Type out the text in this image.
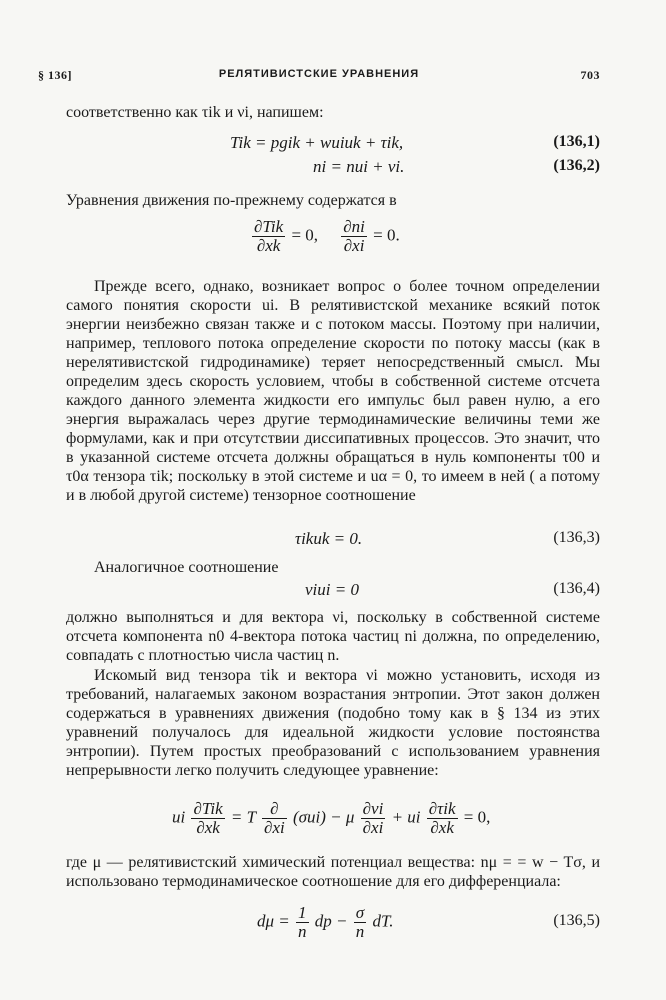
§ 136]	РЕЛЯТИВИСТСКИЕ УРАВНЕНИЯ	703
соответственно как τik и νi, напишем:
Tik = pgik + wuiuk + τik,	(136,1)
ni = nui + νi.	(136,2)
Уравнения движения по-прежнему содержатся в
$\frac{\text{∂Tik}}{\partial xk} = 0$, $\frac{\partial ni}{\partial xi} = 0$.
Прежде всего, однако, возникает вопрос о более точном определении самого понятия скорости ui. В релятивистской механике всякий поток энергии неизбежно связан также и с потоком массы. Поэтому при наличии, например, теплового потока определение скорости по потоку массы (как в нерелятивистской гидродинамике) теряет непосредственный смысл. Мы определим здесь скорость условием, чтобы в собственной системе отсчета каждого данного элемента жидкости его импульс был равен нулю, а его энергия выражалась через другие термодинамические величины теми же формулами, как и при отсутствии диссипативных процессов. Это значит, что в указанной системе отсчета должны обращаться в нуль компоненты τ00 и τ0α тензора τik; поскольку в этой системе и uα = 0, то имеем в ней ( а потому и в любой другой системе) тензорное соотношение
τikuk = 0.	(136,3)
Аналогичное соотношение
νiui = 0	(136,4)
должно выполняться и для вектора νi, поскольку в собственной системе отсчета компонента n0 4-вектора потока частиц ni должна, по определению, совпадать с плотностью числа частиц n.
Искомый вид тензора τik и вектора νi можно установить, исходя из требований, налагаемых законом возрастания энтропии. Этот закон должен содержаться в уравнениях движения (подобно тому как в § 134 из этих уравнений получалось для идеальной жидкости условие постоянства энтропии). Путем простых преобразований с использованием уравнения непрерывности легко получить следующее уравнение:
ui $\frac{\text{∂Tik}}{\partial xk} = T \frac{\partial}{\partial xi} (\sigma ui) - \mu \frac{\partial\nu i}{\partial xi}$ + ui $\frac{\text{∂τik}}{\partial xk} = 0$,
где μ — релятивистский химический потенциал вещества: nμ = = w − Tσ, и использовано термодинамическое соотношение для его дифференциала:
$d\mu = \frac{1}{n}$ dp − $\frac{\sigma}{n}$ dT.	(136,5)
